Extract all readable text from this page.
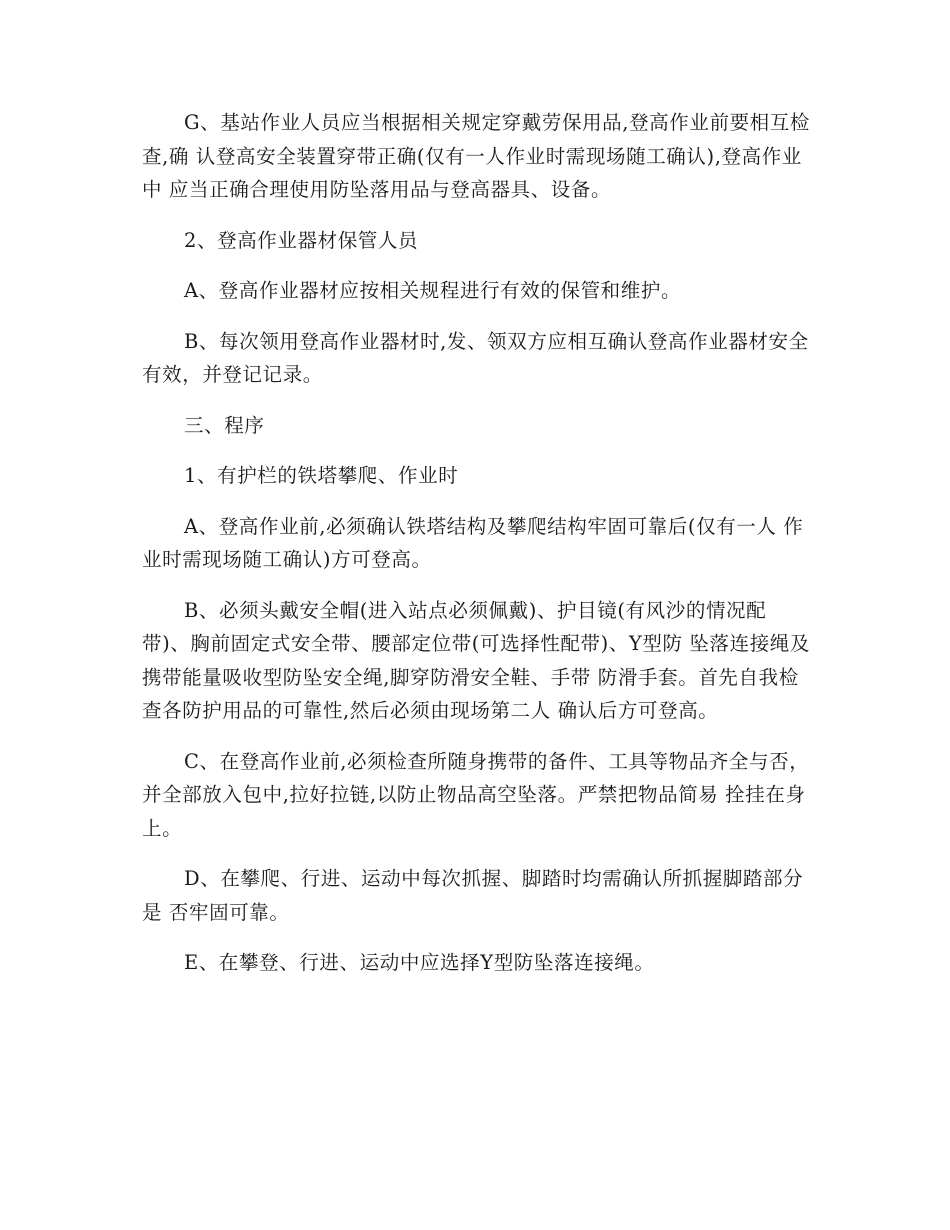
G、基站作业人员应当根据相关规定穿戴劳保用品,登高作业前要相互检查,确 认登高安全装置穿带正确(仅有一人作业时需现场随工确认),登高作业中 应当正确合理使用防坠落用品与登高器具、设备。

2、登高作业器材保管人员

A、登高作业器材应按相关规程进行有效的保管和维护。

B、每次领用登高作业器材时,发、领双方应相互确认登高作业器材安全有效，并登记记录。

三、程序

1、有护栏的铁塔攀爬、作业时

A、登高作业前,必须确认铁塔结构及攀爬结构牢固可靠后(仅有一人 作业时需现场随工确认)方可登高。

B、必须头戴安全帽(进入站点必须佩戴)、护目镜(有风沙的情况配 带)、胸前固定式安全带、腰部定位带(可选择性配带)、Y型防 坠落连接绳及携带能量吸收型防坠安全绳,脚穿防滑安全鞋、手带 防滑手套。首先自我检查各防护用品的可靠性,然后必须由现场第二人 确认后方可登高。

C、在登高作业前,必须检查所随身携带的备件、工具等物品齐全与否，并全部放入包中,拉好拉链,以防止物品高空坠落。严禁把物品简易 拴挂在身上。

D、在攀爬、行进、运动中每次抓握、脚踏时均需确认所抓握脚踏部分是 否牢固可靠。

E、在攀登、行进、运动中应选择Y型防坠落连接绳。
